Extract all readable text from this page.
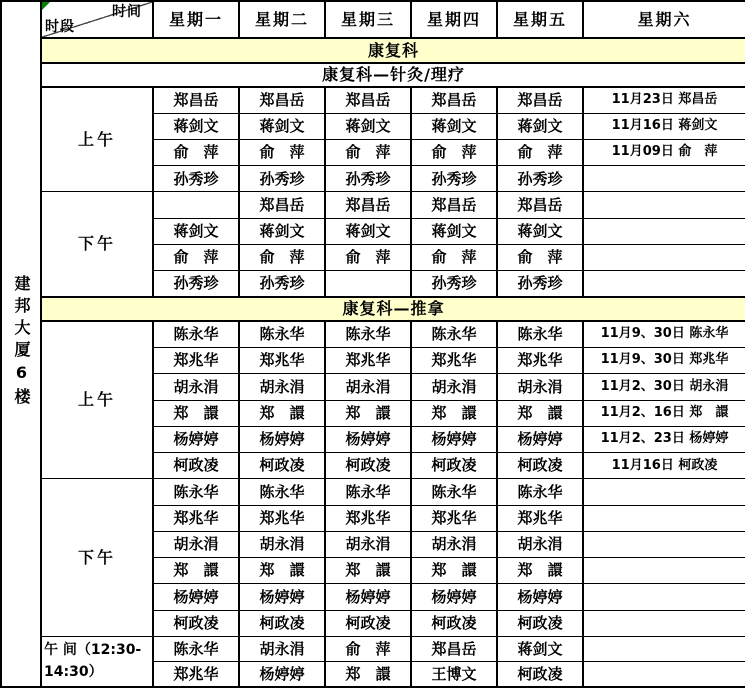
建邦大厦6楼	时间
时段	星期一	星期二	星期三	星期四	星期五	星期六
	康复科						
	康复科—针灸/理疗						
	上午	郑昌岳	郑昌岳	郑昌岳	郑昌岳	郑昌岳	11月23日 郑昌岳
		蒋剑文	蒋剑文	蒋剑文	蒋剑文	蒋剑文	11月16日 蒋剑文
		俞　萍	俞　萍	俞　萍	俞　萍	俞　萍	11月09日 俞　萍
		孙秀珍	孙秀珍	孙秀珍	孙秀珍	孙秀珍	
	下午		郑昌岳	郑昌岳	郑昌岳	郑昌岳	
		蒋剑文	蒋剑文	蒋剑文	蒋剑文	蒋剑文	
		俞　萍	俞　萍	俞　萍	俞　萍	俞　萍	
		孙秀珍	孙秀珍		孙秀珍	孙秀珍	
	康复科—推拿						
	上午	陈永华	陈永华	陈永华	陈永华	陈永华	11月9、30日 陈永华
		郑兆华	郑兆华	郑兆华	郑兆华	郑兆华	11月9、30日 郑兆华
		胡永涓	胡永涓	胡永涓	胡永涓	胡永涓	11月2、30日 胡永涓
		郑　譞	郑　譞	郑　譞	郑　譞	郑　譞	11月2、16日 郑　譞
		杨婷婷	杨婷婷	杨婷婷	杨婷婷	杨婷婷	11月2、23日 杨婷婷
		柯政凌	柯政凌	柯政凌	柯政凌	柯政凌	11月16日 柯政凌
	下午	陈永华	陈永华	陈永华	陈永华	陈永华	
		郑兆华	郑兆华	郑兆华	郑兆华	郑兆华	
		胡永涓	胡永涓	胡永涓	胡永涓	胡永涓	
		郑　譞	郑　譞	郑　譞	郑　譞	郑　譞	
		杨婷婷	杨婷婷	杨婷婷	杨婷婷	杨婷婷	
		柯政凌	柯政凌	柯政凌	柯政凌	柯政凌	
	午 间（12:30-14:30）	陈永华	胡永涓	俞　萍	郑昌岳	蒋剑文	
		郑兆华	杨婷婷	郑　譞	王博文	柯政凌	
